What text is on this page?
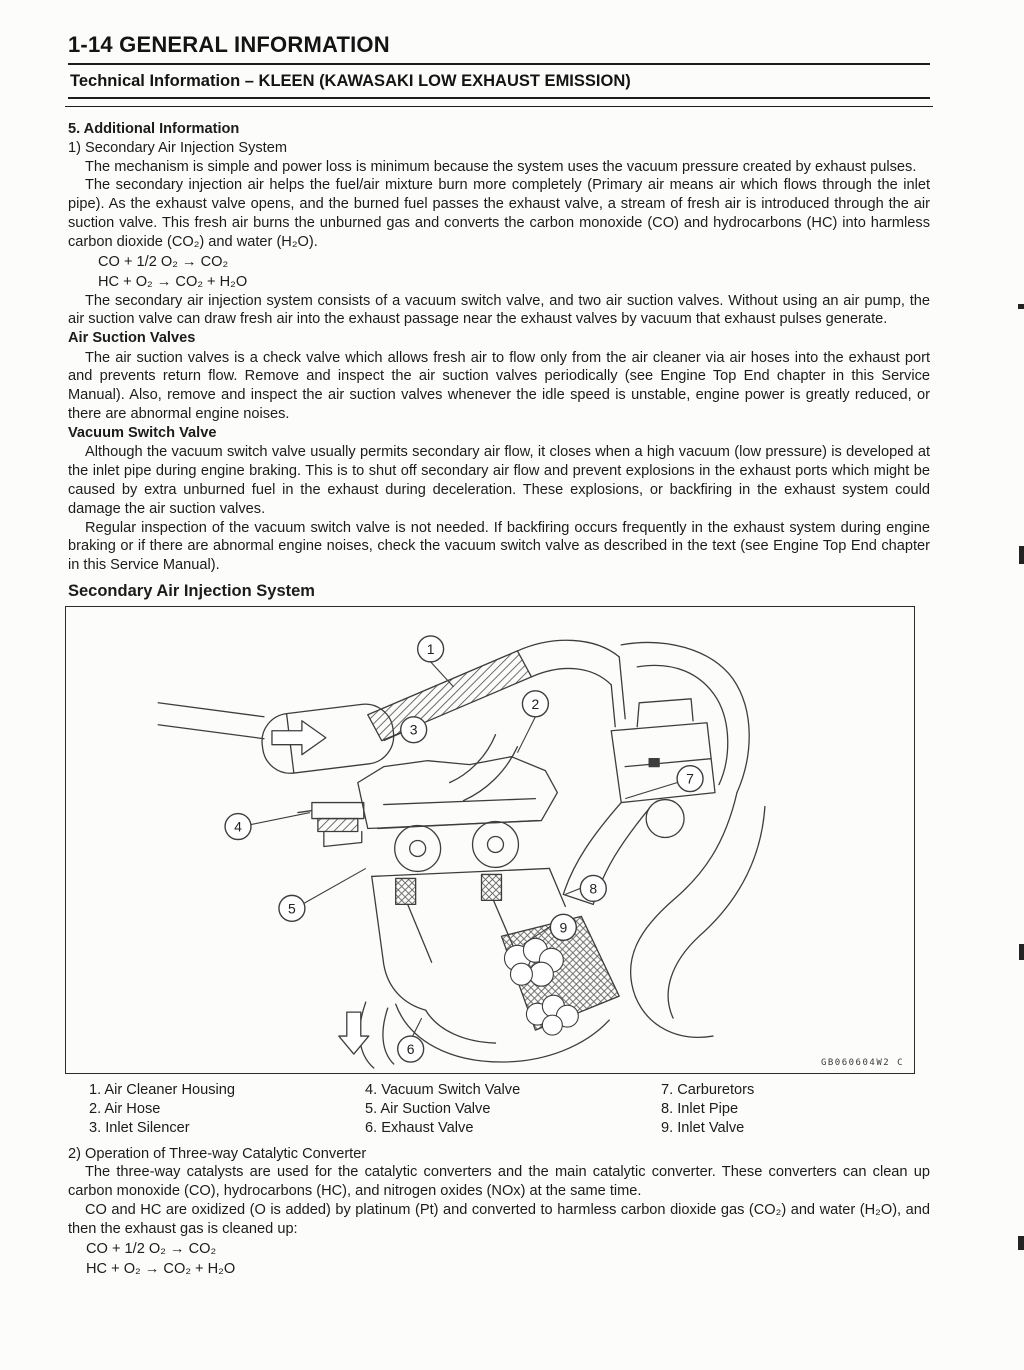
1-14 GENERAL INFORMATION
Technical Information – KLEEN (KAWASAKI LOW EXHAUST EMISSION)

5. Additional Information

1) Secondary Air Injection System

The mechanism is simple and power loss is minimum because the system uses the vacuum pressure created by exhaust pulses.

The secondary injection air helps the fuel/air mixture burn more completely (Primary air means air which flows through the inlet pipe). As the exhaust valve opens, and the burned fuel passes the exhaust valve, a stream of fresh air is introduced through the air suction valve. This fresh air burns the unburned gas and converts the carbon monoxide (CO) and hydrocarbons (HC) into harmless carbon dioxide (CO₂) and water (H₂O).

CO + 1/2 O₂ → CO₂

HC + O₂ → CO₂ + H₂O

The secondary air injection system consists of a vacuum switch valve, and two air suction valves. Without using an air pump, the air suction valve can draw fresh air into the exhaust passage near the exhaust valves by vacuum that exhaust pulses generate.

Air Suction Valves

The air suction valves is a check valve which allows fresh air to flow only from the air cleaner via air hoses into the exhaust port and prevents return flow. Remove and inspect the air suction valves periodically (see Engine Top End chapter in this Service Manual). Also, remove and inspect the air suction valves whenever the idle speed is unstable, engine power is greatly reduced, or there are abnormal engine noises.

Vacuum Switch Valve

Although the vacuum switch valve usually permits secondary air flow, it closes when a high vacuum (low pressure) is developed at the inlet pipe during engine braking. This is to shut off secondary air flow and prevent explosions in the exhaust ports which might be caused by extra unburned fuel in the exhaust during deceleration. These explosions, or backfiring in the exhaust system could damage the air suction valves.

Regular inspection of the vacuum switch valve is not needed. If backfiring occurs frequently in the exhaust system during engine braking or if there are abnormal engine noises, check the vacuum switch valve as described in the text (see Engine Top End chapter in this Service Manual).

Secondary Air Injection System
1
2
3
4
5
6
7
8
9
GB060604W2 C
1. Air Cleaner Housing
2. Air Hose
3. Inlet Silencer
4. Vacuum Switch Valve
5. Air Suction Valve
6. Exhaust Valve
7. Carburetors
8. Inlet Pipe
9. Inlet Valve

2) Operation of Three-way Catalytic Converter

The three-way catalysts are used for the catalytic converters and the main catalytic converter. These converters can clean up carbon monoxide (CO), hydrocarbons (HC), and nitrogen oxides (NOx) at the same time.

CO and HC are oxidized (O is added) by platinum (Pt) and converted to harmless carbon dioxide gas (CO₂) and water (H₂O), and then the exhaust gas is cleaned up:

CO + 1/2 O₂ → CO₂

HC + O₂ → CO₂ + H₂O
